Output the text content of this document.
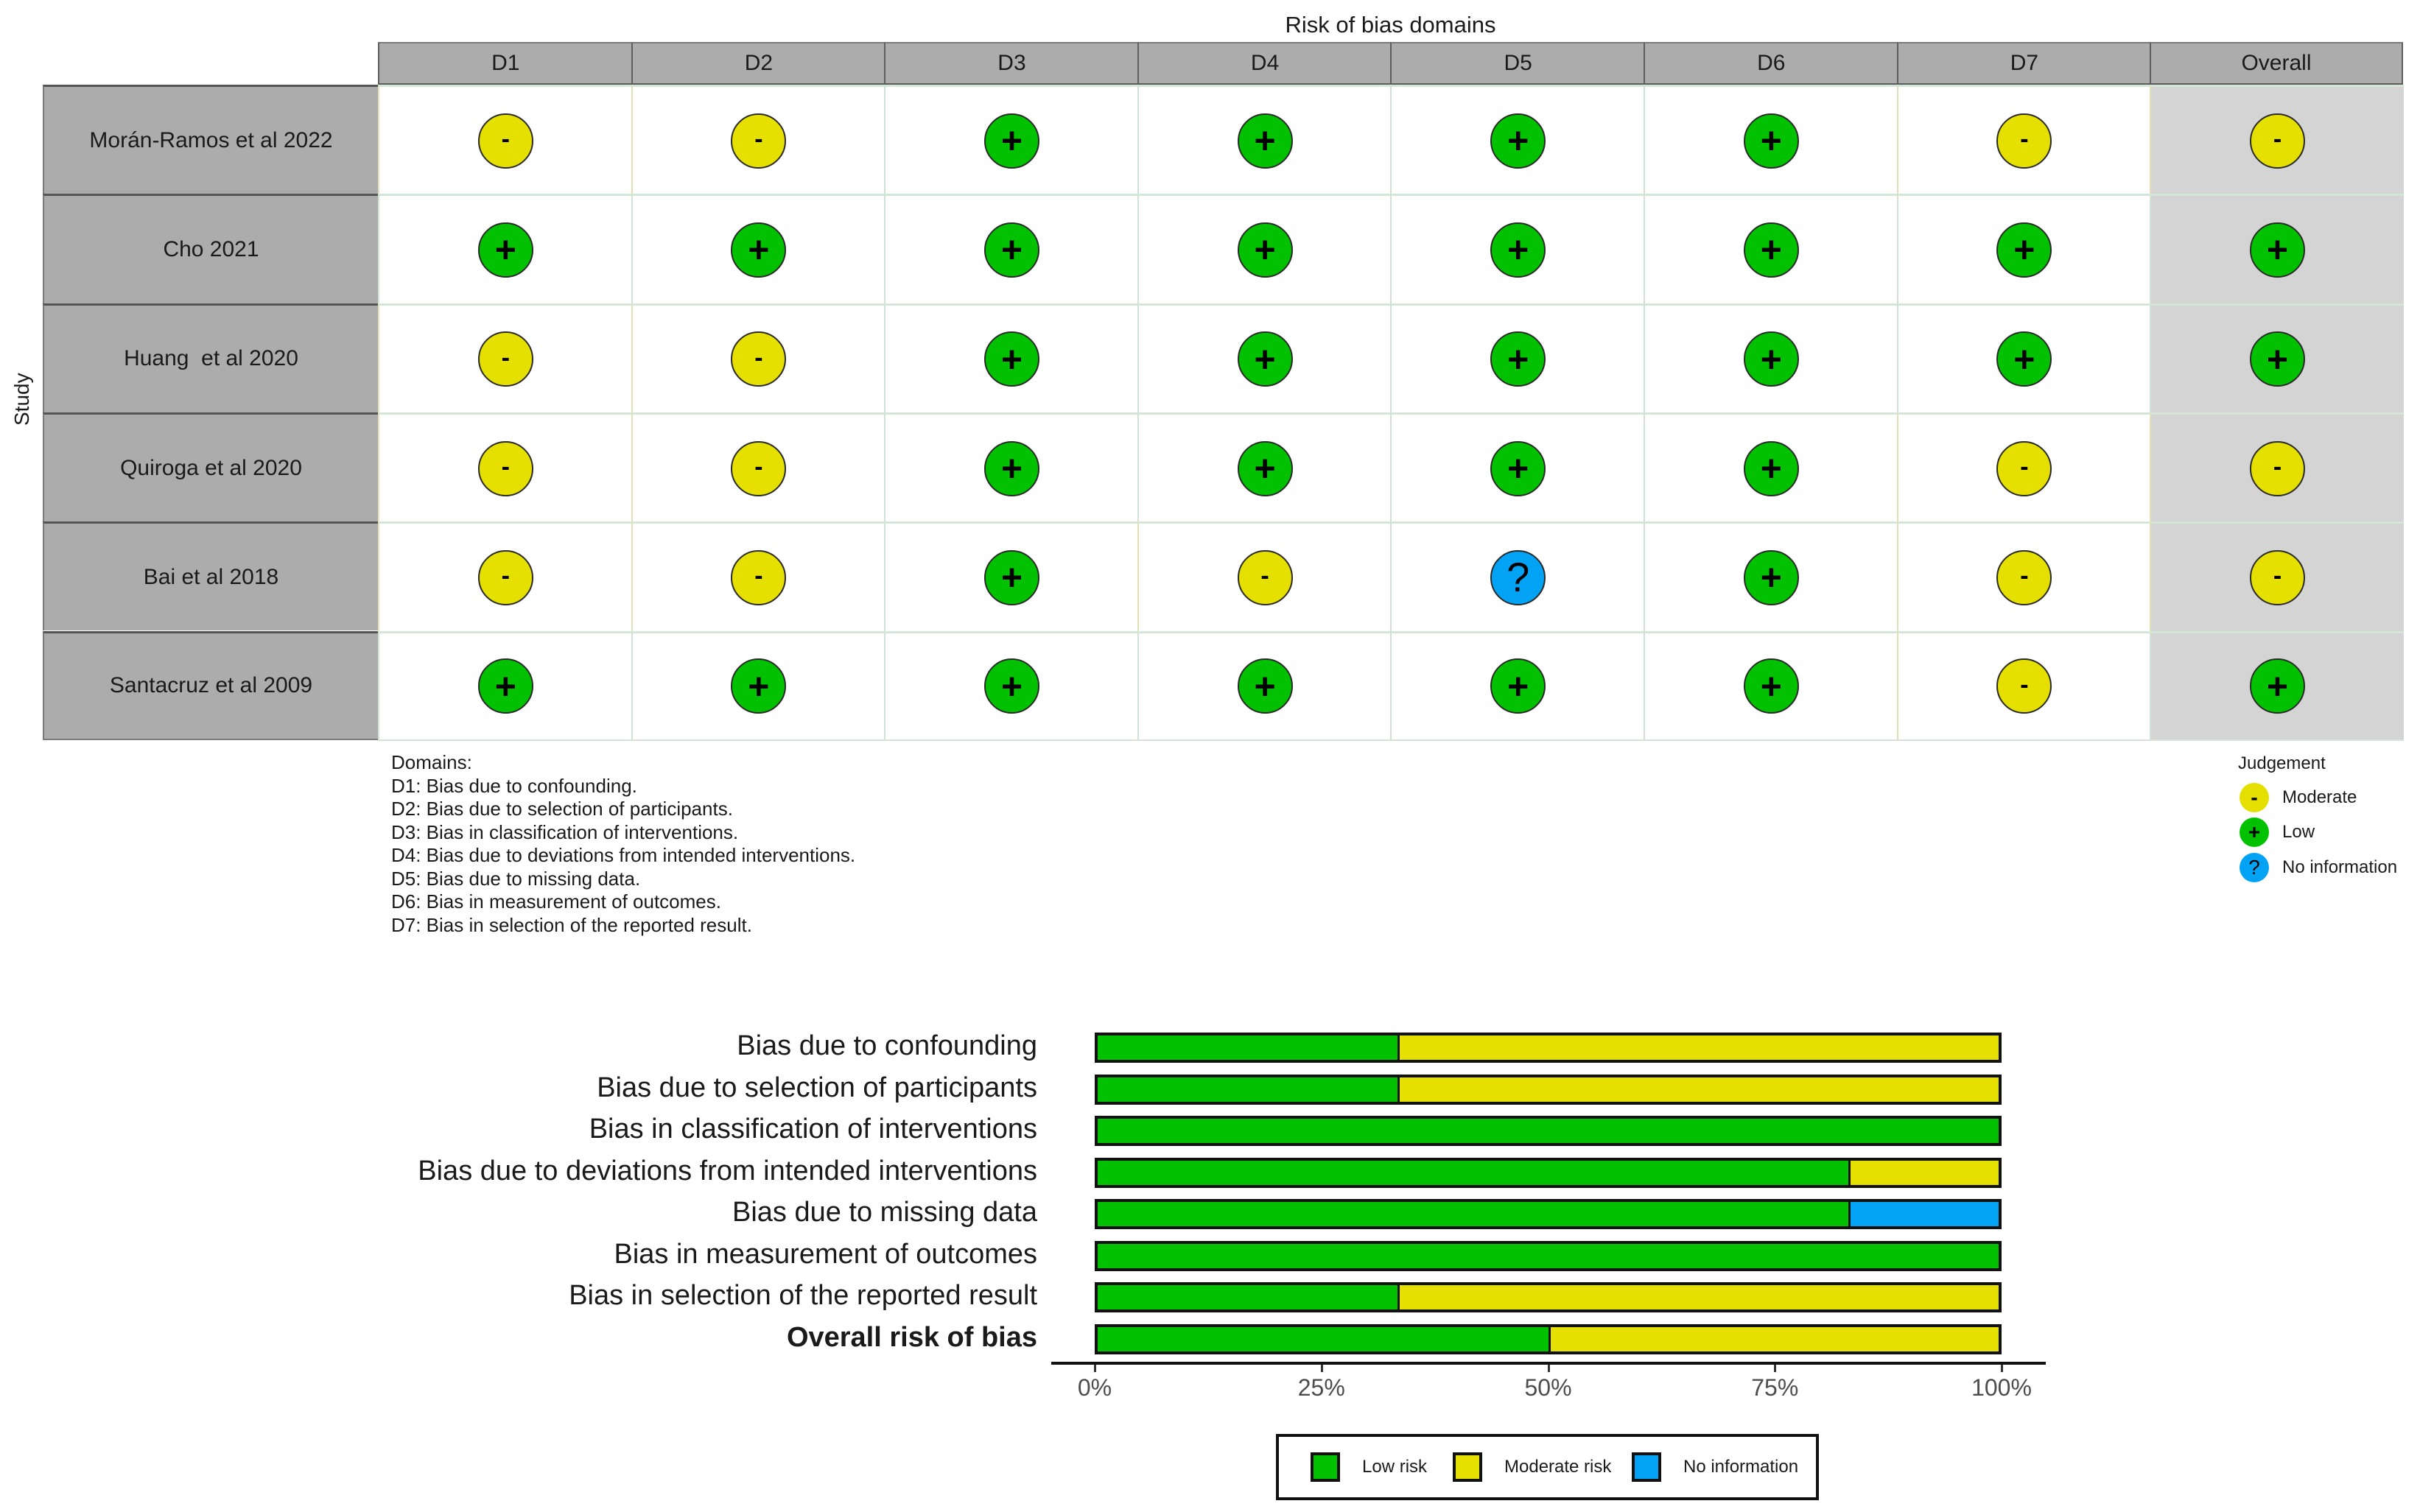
Risk of bias domains
Study
D1	D2	D3	D4	D5	D6	D7	Overall
Morán-Ramos et al 2022	-	-	+	+	+	+	-	-
Cho 2021	+	+	+	+	+	+	+	+
Huang  et al 2020	-	-	+	+	+	+	+	+
Quiroga et al 2020	-	-	+	+	+	+	-	-
Bai et al 2018	-	-	+	-	?	+	-	-
Santacruz et al 2009	+	+	+	+	+	+	-	+
Domains:
D1: Bias due to confounding.
D2: Bias due to selection of participants.
D3: Bias in classification of interventions.
D4: Bias due to deviations from intended interventions.
D5: Bias due to missing data.
D6: Bias in measurement of outcomes.
D7: Bias in selection of the reported result.
Judgement
-	Moderate
+	Low
?	No information
Bias due to confounding
Bias due to selection of participants
Bias in classification of interventions
Bias due to deviations from intended interventions
Bias due to missing data
Bias in measurement of outcomes
Bias in selection of the reported result
Overall risk of bias
0%	25%	50%	75%	100%
Low risk	Moderate risk	No information
